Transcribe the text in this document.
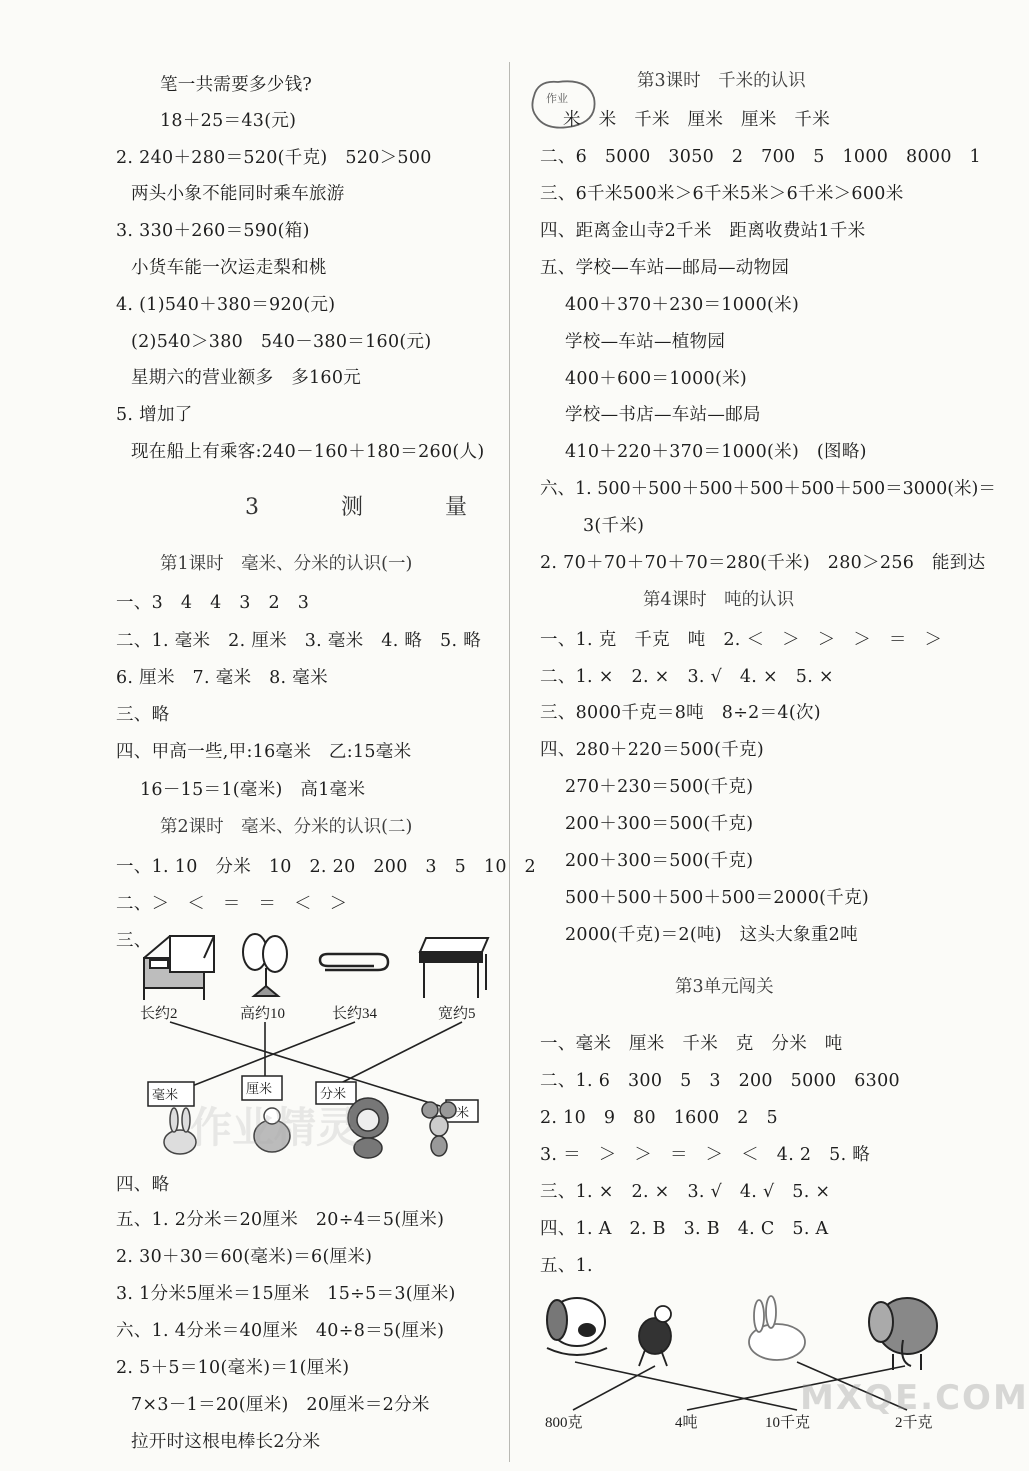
笔一共需要多少钱?
18＋25＝43(元)
2. 240＋280＝520(千克)　520＞500
两头小象不能同时乘车旅游
3. 330＋260＝590(箱)
小货车能一次运走梨和桃
4. (1)540＋380＝920(元)
(2)540＞380　540－380＝160(元)
星期六的营业额多　多160元
5. 增加了
现在船上有乘客:240－160＋180＝260(人)
3　测　量
第1课时　毫米、分米的认识(一)
一、3　4　4　3　2　3
二、1. 毫米　2. 厘米　3. 毫米　4. 略　5. 略
6. 厘米　7. 毫米　8. 毫米
三、略
四、甲高一些,甲:16毫米　乙:15毫米
16－15＝1(毫米)　高1毫米
第2课时　毫米、分米的认识(二)
一、1. 10　分米　10　2. 20　200　3　5　10　2
二、＞　＜　＝　＝　＜　＞
三、
长约2	高约10	长约34	宽约5
毫米	厘米	分米
米
作业精灵
四、略
五、1. 2分米＝20厘米　20÷4＝5(厘米)
2. 30＋30＝60(毫米)＝6(厘米)
3. 1分米5厘米＝15厘米　15÷5＝3(厘米)
六、1. 4分米＝40厘米　40÷8＝5(厘米)
2. 5＋5＝10(毫米)＝1(厘米)
7×3－1＝20(厘米)　20厘米＝2分米
拉开时这根电棒长2分米
作业
第3课时　千米的认识
米　米　千米　厘米　厘米　千米
二、6　5000　3050　2　700　5　1000　8000　1
三、6千米500米＞6千米5米＞6千米＞600米
四、距离金山寺2千米　距离收费站1千米
五、学校—车站—邮局—动物园
400＋370＋230＝1000(米)
学校—车站—植物园
400＋600＝1000(米)
学校—书店—车站—邮局
410＋220＋370＝1000(米)　(图略)
六、1. 500＋500＋500＋500＋500＋500＝3000(米)＝
3(千米)
2. 70＋70＋70＋70＝280(千米)　280＞256　能到达
第4课时　吨的认识
一、1. 克　千克　吨　2. ＜　＞　＞　＞　＝　＞
二、1. ×　2. ×　3. √　4. ×　5. ×
三、8000千克＝8吨　8÷2＝4(次)
四、280＋220＝500(千克)
270＋230＝500(千克)
200＋300＝500(千克)
200＋300＝500(千克)
500＋500＋500＋500＝2000(千克)
2000(千克)＝2(吨)　这头大象重2吨
第3单元闯关
一、毫米　厘米　千米　克　分米　吨
二、1. 6　300　5　3　200　5000　6300
2. 10　9　80　1600　2　5
3. ＝　＞　＞　＝　＞　＜　4. 2　5. 略
三、1. ×　2. ×　3. √　4. √　5. ×
四、1. A　2. B　3. B　4. C　5. A
五、1.
800克	4吨	10千克	2千克
MXQE.COM
